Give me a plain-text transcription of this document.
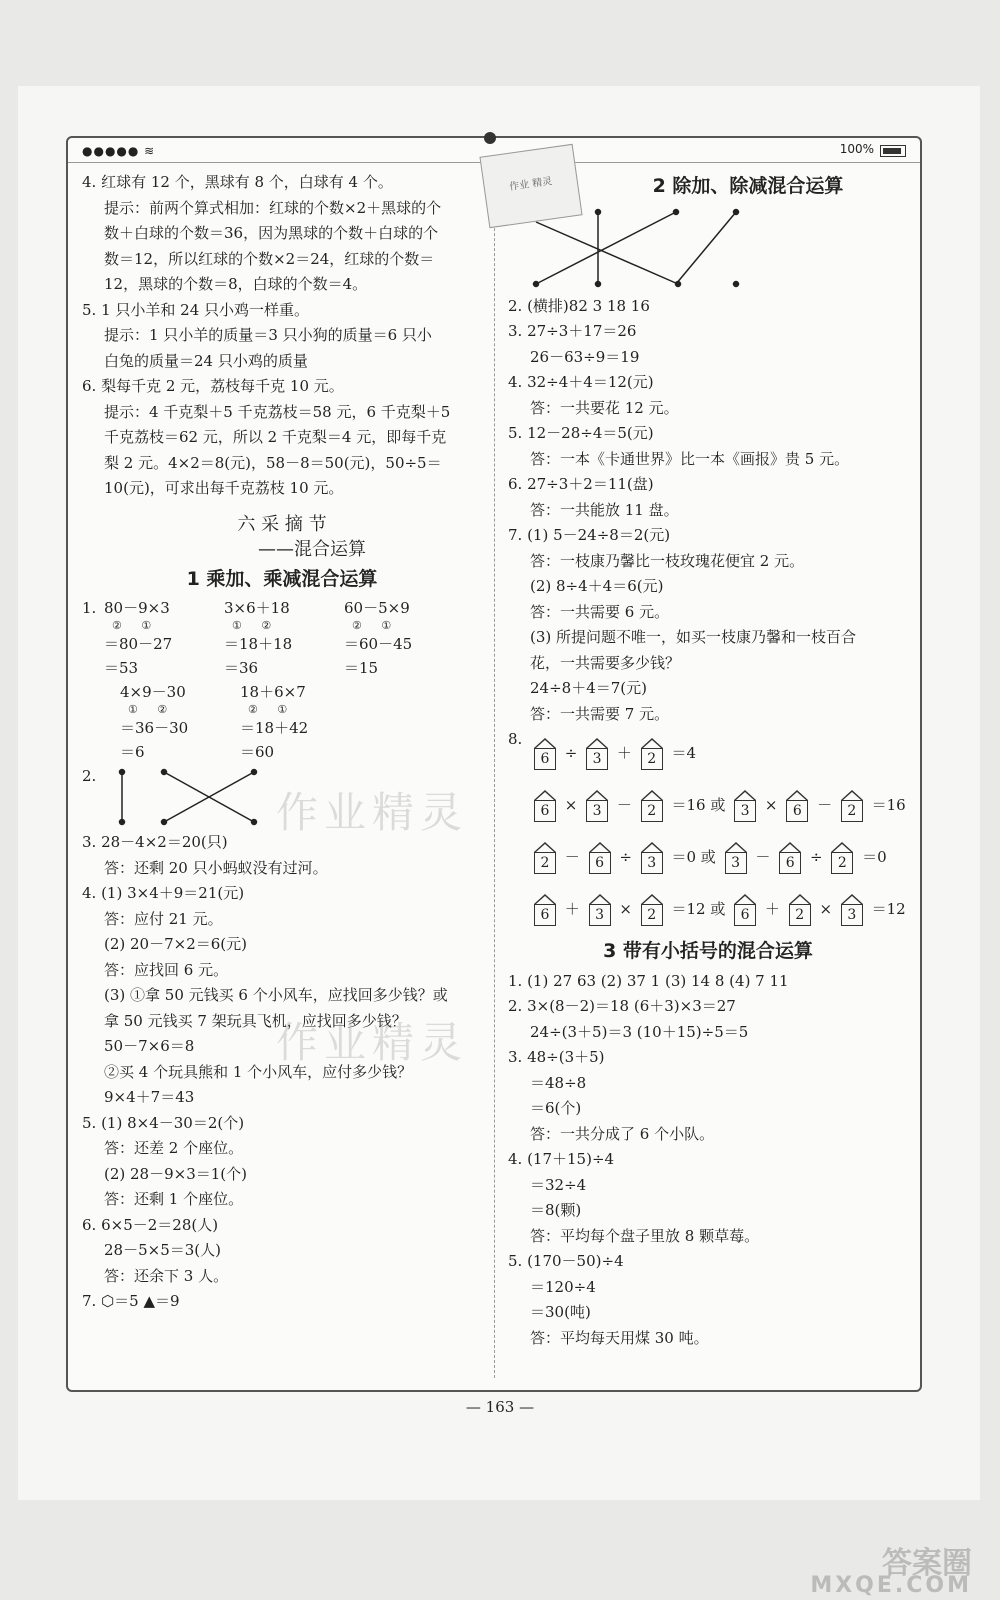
●●●●● ≋	100%
4. 红球有 12 个，黑球有 8 个，白球有 4 个。
提示：前两个算式相加：红球的个数×2＋黑球的个
数＋白球的个数＝36，因为黑球的个数＋白球的个
数＝12，所以红球的个数×2＝24，红球的个数＝
12，黑球的个数＝8，白球的个数＝4。
5. 1 只小羊和 24 只小鸡一样重。
提示：1 只小羊的质量＝3 只小狗的质量＝6 只小
白兔的质量＝24 只小鸡的质量
6. 梨每千克 2 元，荔枝每千克 10 元。
提示：4 千克梨＋5 千克荔枝＝58 元，6 千克梨＋5
千克荔枝＝62 元，所以 2 千克梨＝4 元，即每千克
梨 2 元。4×2＝8(元)，58－8＝50(元)，50÷5＝
10(元)，可求出每千克荔枝 10 元。
六 采 摘 节
——混合运算
1 乘加、乘减混合运算
1. 80－9×3
② ①
＝80－27
＝53
3×6＋18
① ②
＝18＋18
＝36
60－5×9
② ①
＝60－45
＝15
4×9－30
① ②
＝36－30
＝6
18＋6×7
② ①
＝18＋42
＝60
2.
3. 28－4×2＝20(只)
答：还剩 20 只小蚂蚁没有过河。
4. (1) 3×4＋9＝21(元)
答：应付 21 元。
(2) 20－7×2＝6(元)
答：应找回 6 元。
(3) ①拿 50 元钱买 6 个小风车，应找回多少钱？或
拿 50 元钱买 7 架玩具飞机，应找回多少钱？
50－7×6＝8
②买 4 个玩具熊和 1 个小风车，应付多少钱？
9×4＋7＝43
5. (1) 8×4－30＝2(个)
答：还差 2 个座位。
(2) 28－9×3＝1(个)
答：还剩 1 个座位。
6. 6×5－2＝28(人)
28－5×5＝3(人)
答：还余下 3 人。
7. ⬡＝5 ▲＝9
2 除加、除减混合运算
2. (横排)82 3 18 16
3. 27÷3＋17＝26
26－63÷9＝19
4. 32÷4＋4＝12(元)
答：一共要花 12 元。
5. 12－28÷4＝5(元)
答：一本《卡通世界》比一本《画报》贵 5 元。
6. 27÷3＋2＝11(盘)
答：一共能放 11 盘。
7. (1) 5－24÷8＝2(元)
答：一枝康乃馨比一枝玫瑰花便宜 2 元。
(2) 8÷4＋4＝6(元)
答：一共需要 6 元。
(3) 所提问题不唯一，如买一枝康乃馨和一枝百合
花，一共需要多少钱？
24÷8＋4＝7(元)
答：一共需要 7 元。
8.
6	÷	3	＋	2	＝4
6	×	3	－	2	＝16 或	3	×	6	－	2	＝16
2	－	6	÷	3	＝0 或	3	－	6	÷	2	＝0
6	＋	3	×	2	＝12 或	6	＋	2	×	3	＝12
3 带有小括号的混合运算
1. (1) 27 63 (2) 37 1 (3) 14 8 (4) 7 11
2. 3×(8－2)＝18 (6＋3)×3＝27
24÷(3＋5)＝3 (10＋15)÷5＝5
3. 48÷(3＋5)
＝48÷8
＝6(个)
答：一共分成了 6 个小队。
4. (17＋15)÷4
＝32÷4
＝8(颗)
答：平均每个盘子里放 8 颗草莓。
5. (170－50)÷4
＝120÷4
＝30(吨)
答：平均每天用煤 30 吨。
作业 精灵
作业精灵
作业精灵
— 163 —
答案圈
MXQE.COM
